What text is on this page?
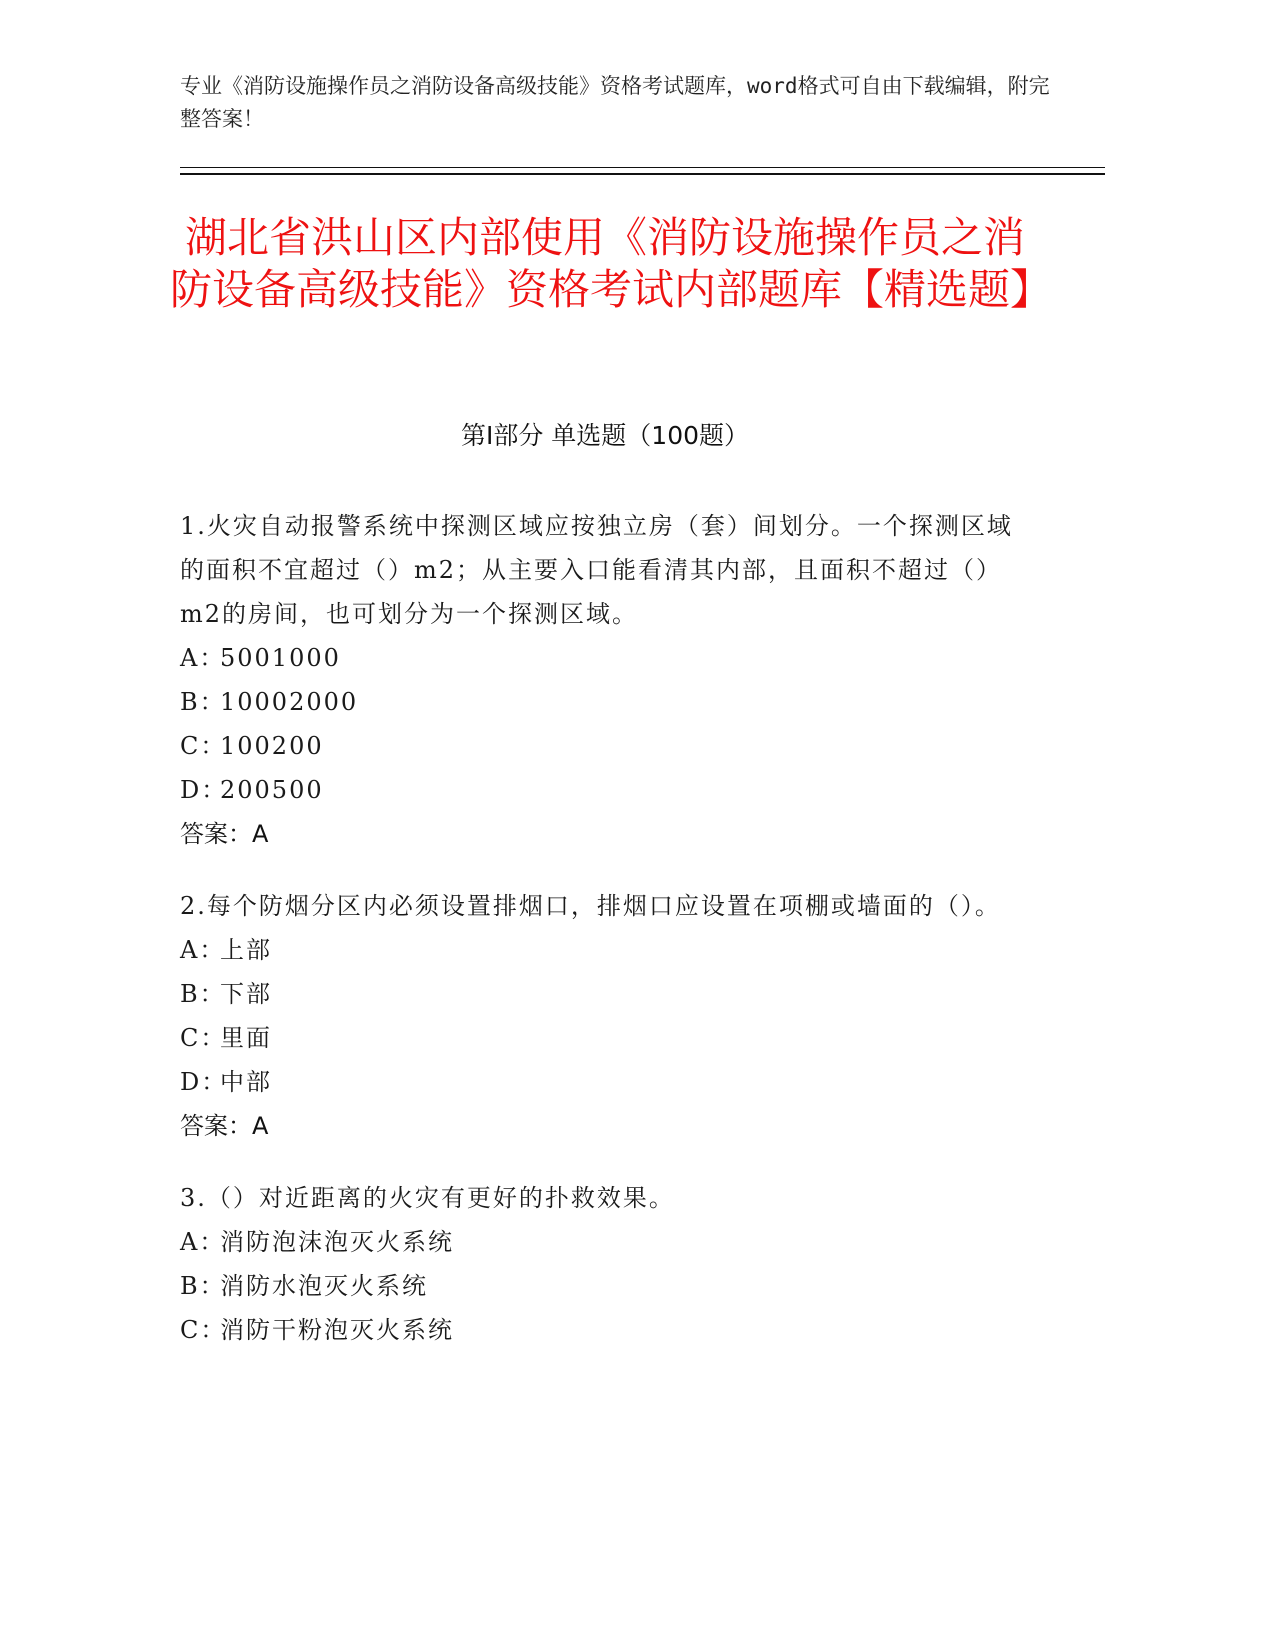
专业《消防设施操作员之消防设备高级技能》资格考试题库，word格式可自由下载编辑，附完整答案！
湖北省洪山区内部使用《消防设施操作员之消防设备高级技能》资格考试内部题库【精选题】
第I部分 单选题（100题）
1.火灾自动报警系统中探测区域应按独立房（套）间划分。一个探测区域的面积不宜超过（）m2；从主要入口能看清其内部，且面积不超过（）m2的房间，也可划分为一个探测区域。
A：
5001000
B：
10002000
C：
100200
D：
200500
答案：A
2.每个防烟分区内必须设置排烟口，排烟口应设置在项棚或墙面的（）。
A：
上部
B：
下部
C：
里面
D：
中部
答案：A
3.（）对近距离的火灾有更好的扑救效果。
A：
消防泡沫泡灭火系统
B：
消防水泡灭火系统
C：
消防干粉泡灭火系统
